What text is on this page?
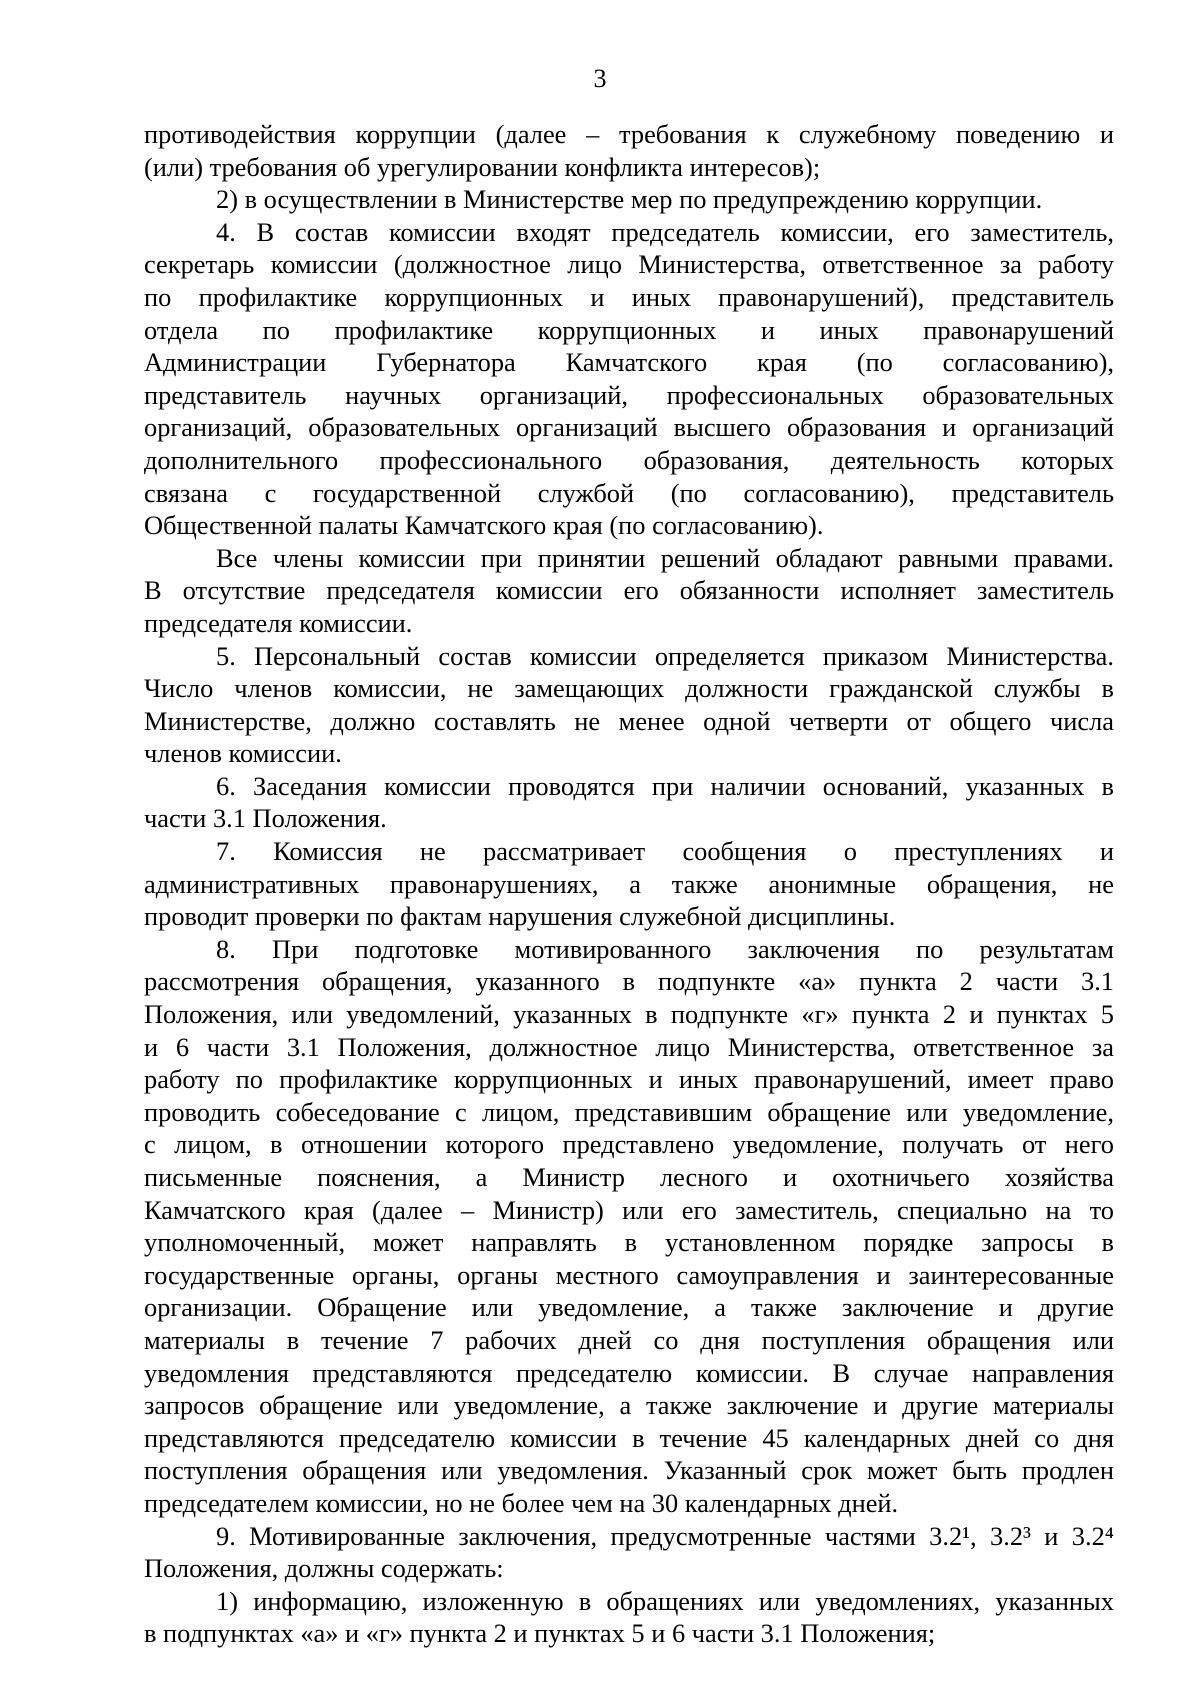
3
противодействия коррупции (далее – требования к служебному поведению и
(или) требования об урегулировании конфликта интересов);
2) в осуществлении в Министерстве мер по предупреждению коррупции.
4. В состав комиссии входят председатель комиссии, его заместитель,
секретарь комиссии (должностное лицо Министерства, ответственное за работу
по профилактике коррупционных и иных правонарушений), представитель
отдела по профилактике коррупционных и иных правонарушений
Администрации Губернатора Камчатского края (по согласованию),
представитель научных организаций, профессиональных образовательных
организаций, образовательных организаций высшего образования и организаций
дополнительного профессионального образования, деятельность которых
связана с государственной службой (по согласованию), представитель
Общественной палаты Камчатского края (по согласованию).
Все члены комиссии при принятии решений обладают равными правами.
В отсутствие председателя комиссии его обязанности исполняет заместитель
председателя комиссии.
5. Персональный состав комиссии определяется приказом Министерства.
Число членов комиссии, не замещающих должности гражданской службы в
Министерстве, должно составлять не менее одной четверти от общего числа
членов комиссии.
6. Заседания комиссии проводятся при наличии оснований, указанных в
части 3.1 Положения.
7. Комиссия не рассматривает сообщения о преступлениях и
административных правонарушениях, а также анонимные обращения, не
проводит проверки по фактам нарушения служебной дисциплины.
8. При подготовке мотивированного заключения по результатам
рассмотрения обращения, указанного в подпункте «а» пункта 2 части 3.1
Положения, или уведомлений, указанных в подпункте «г» пункта 2 и пунктах 5
и 6 части 3.1 Положения, должностное лицо Министерства, ответственное за
работу по профилактике коррупционных и иных правонарушений, имеет право
проводить собеседование с лицом, представившим обращение или уведомление,
с лицом, в отношении которого представлено уведомление, получать от него
письменные пояснения, а Министр лесного и охотничьего хозяйства
Камчатского края (далее – Министр) или его заместитель, специально на то
уполномоченный, может направлять в установленном порядке запросы в
государственные органы, органы местного самоуправления и заинтересованные
организации. Обращение или уведомление, а также заключение и другие
материалы в течение 7 рабочих дней со дня поступления обращения или
уведомления представляются председателю комиссии. В случае направления
запросов обращение или уведомление, а также заключение и другие материалы
представляются председателю комиссии в течение 45 календарных дней со дня
поступления обращения или уведомления. Указанный срок может быть продлен
председателем комиссии, но не более чем на 30 календарных дней.
9. Мотивированные заключения, предусмотренные частями 3.2¹, 3.2³ и 3.2⁴
Положения, должны содержать:
1) информацию, изложенную в обращениях или уведомлениях, указанных
в подпунктах «а» и «г» пункта 2 и пунктах 5 и 6 части 3.1 Положения;
